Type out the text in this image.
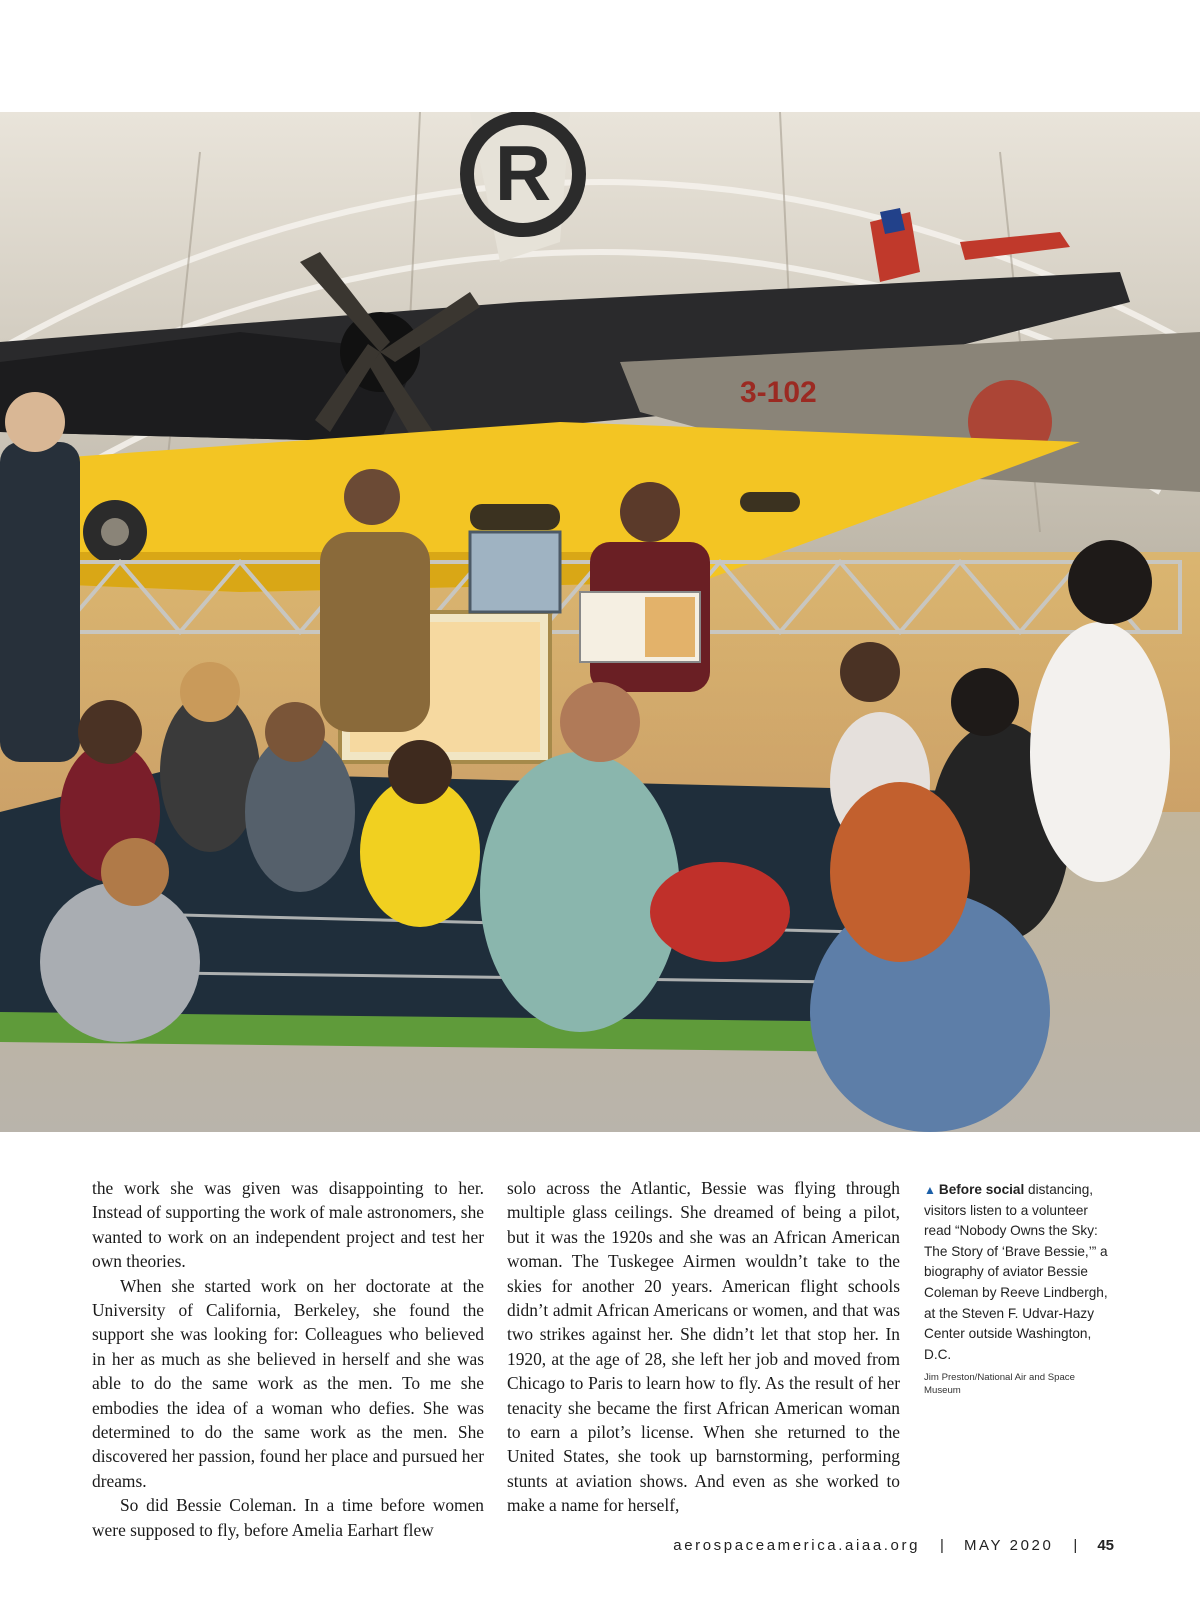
R
3-102

the work she was given was disappointing to her. Instead of supporting the work of male astronomers, she wanted to work on an independent project and test her own theories.

When she started work on her doctorate at the University of California, Berkeley, she found the support she was looking for: Colleagues who believed in her as much as she believed in herself and she was able to do the same work as the men. To me she embodies the idea of a woman who defies. She was determined to do the same work as the men. She discovered her passion, found her place and pursued her dreams.

So did Bessie Coleman. In a time before women were supposed to fly, before Amelia Earhart flew

solo across the Atlantic, Bessie was flying through multiple glass ceilings. She dreamed of being a pilot, but it was the 1920s and she was an African American woman. The Tuskegee Airmen wouldn’t take to the skies for another 20 years. American flight schools didn’t admit African Americans or women, and that was two strikes against her. She didn’t let that stop her. In 1920, at the age of 28, she left her job and moved from Chicago to Paris to learn how to fly. As the result of her tenacity she became the first African American woman to earn a pilot’s license. When she returned to the United States, she took up barnstorming, performing stunts at aviation shows. And even as she worked to make a name for herself,

▲ Before social distancing, visitors listen to a volunteer read “Nobody Owns the Sky: The Story of ‘Brave Bessie,’” a biography of aviator Bessie Coleman by Reeve Lindbergh, at the Steven F. Udvar-Hazy Center outside Washington, D.C.
Jim Preston/National Air and Space Museum
aerospaceamerica.aiaa.org | MAY 2020 | 45
